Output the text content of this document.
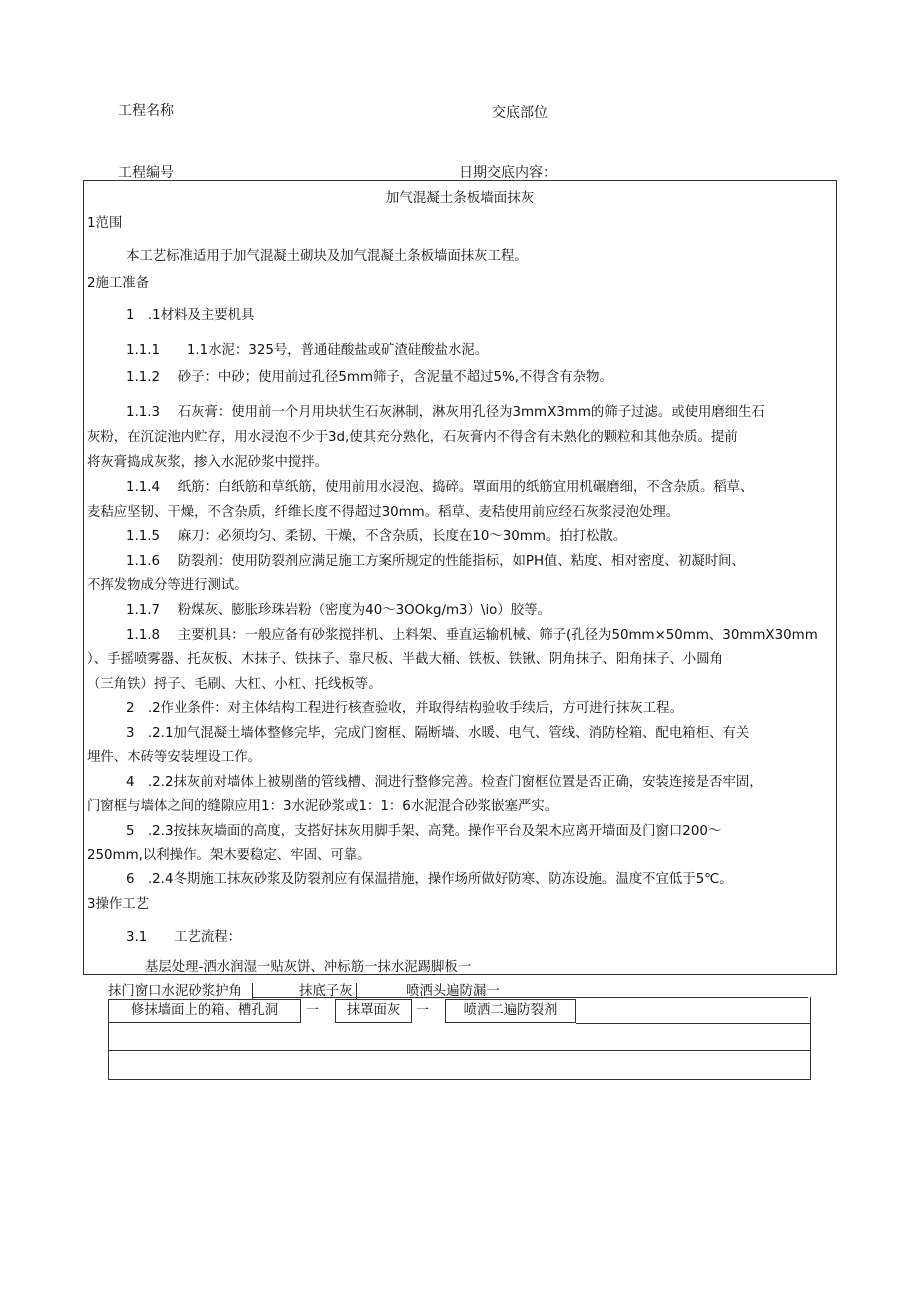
工程名称	交底部位
工程编号	日期交底内容：
加气混凝土条板墙面抹灰
1范围
本工艺标准适用于加气混凝土砌块及加气混凝土条板墙面抹灰工程。
2施工准备
1　.1材料及主要机具
1.1.1　　1.1水泥：325号，普通硅酸盐或矿渣硅酸盐水泥。
1.1.2　 砂子：中砂；使用前过孔径5mm筛子，含泥量不超过5%,不得含有杂物。
1.1.3　 石灰膏：使用前一个月用块状生石灰淋制，淋灰用孔径为3mmX3mm的筛子过滤。或使用磨细生石
灰粉，在沉淀池内贮存，用水浸泡不少于3d,使其充分熟化，石灰膏内不得含有未熟化的颗粒和其他杂质。提前
将灰膏捣成灰浆，掺入水泥砂浆中搅拌。
1.1.4　 纸筋：白纸筋和草纸筋，使用前用水浸泡、捣碎。罩面用的纸筋宜用机碾磨细，不含杂质。稻草、
麦秸应坚韧、干燥，不含杂质，纤维长度不得超过30mm。稻草、麦秸使用前应经石灰浆浸泡处理。
1.1.5　 麻刀：必须均匀、柔韧、干燥，不含杂质，长度在10～30mm。拍打松散。
1.1.6　 防裂剂：使用防裂剂应满足施工方案所规定的性能指标，如PH值、粘度、相对密度、初凝时间、
不挥发物成分等进行测试。
1.1.7　 粉煤灰、膨胀珍珠岩粉（密度为40～3OOkg∕m3）\io）胶等。
1.1.8　 主要机具：一般应备有砂浆搅拌机、上料架、垂直运输机械、筛子(孔径为50mm×50mm、30mmX30mm
）、手摇喷雾器、托灰板、木抹子、铁抹子、靠尺板、半截大桶、铁板、铁锹、阴角抹子、阳角抹子、小圆角
（三角铁）捋子、毛刷、大杠、小杠、托线板等。
2　.2作业条件：对主体结构工程进行核查验收，并取得结构验收手续后，方可进行抹灰工程。
3　.2.1加气混凝土墙体整修完毕，完成门窗框、隔断墙、水暖、电气、管线、消防栓箱、配电箱柜、有关
埋件、木砖等安装埋设工作。
4　.2.2抹灰前对墙体上被剔凿的管线槽、洞进行整修完善。检查门窗框位置是否正确，安装连接是否牢固，
门窗框与墙体之间的缝隙应用1：3水泥砂浆或1：1：6水泥混合砂浆嵌塞严实。
5　.2.3按抹灰墙面的高度，支搭好抹灰用脚手架、高凳。操作平台及架木应离开墙面及门窗口200～
250mm,以利操作。架木要稳定、牢固、可靠。
6　.2.4冬期施工抹灰砂浆及防裂剂应有保温措施，操作场所做好防寒、防冻设施。温度不宜低于5℃。
3操作工艺
3.1　　工艺流程：
基层处理-洒水润湿一贴灰饼、冲标筋一抹水泥踢脚板一
抹门窗口水泥砂浆护角	抹底子灰	喷洒头遍防漏一
修抹墙面上的箱、槽孔洞	一	抹罩面灰	一	喷洒二遍防裂剂
